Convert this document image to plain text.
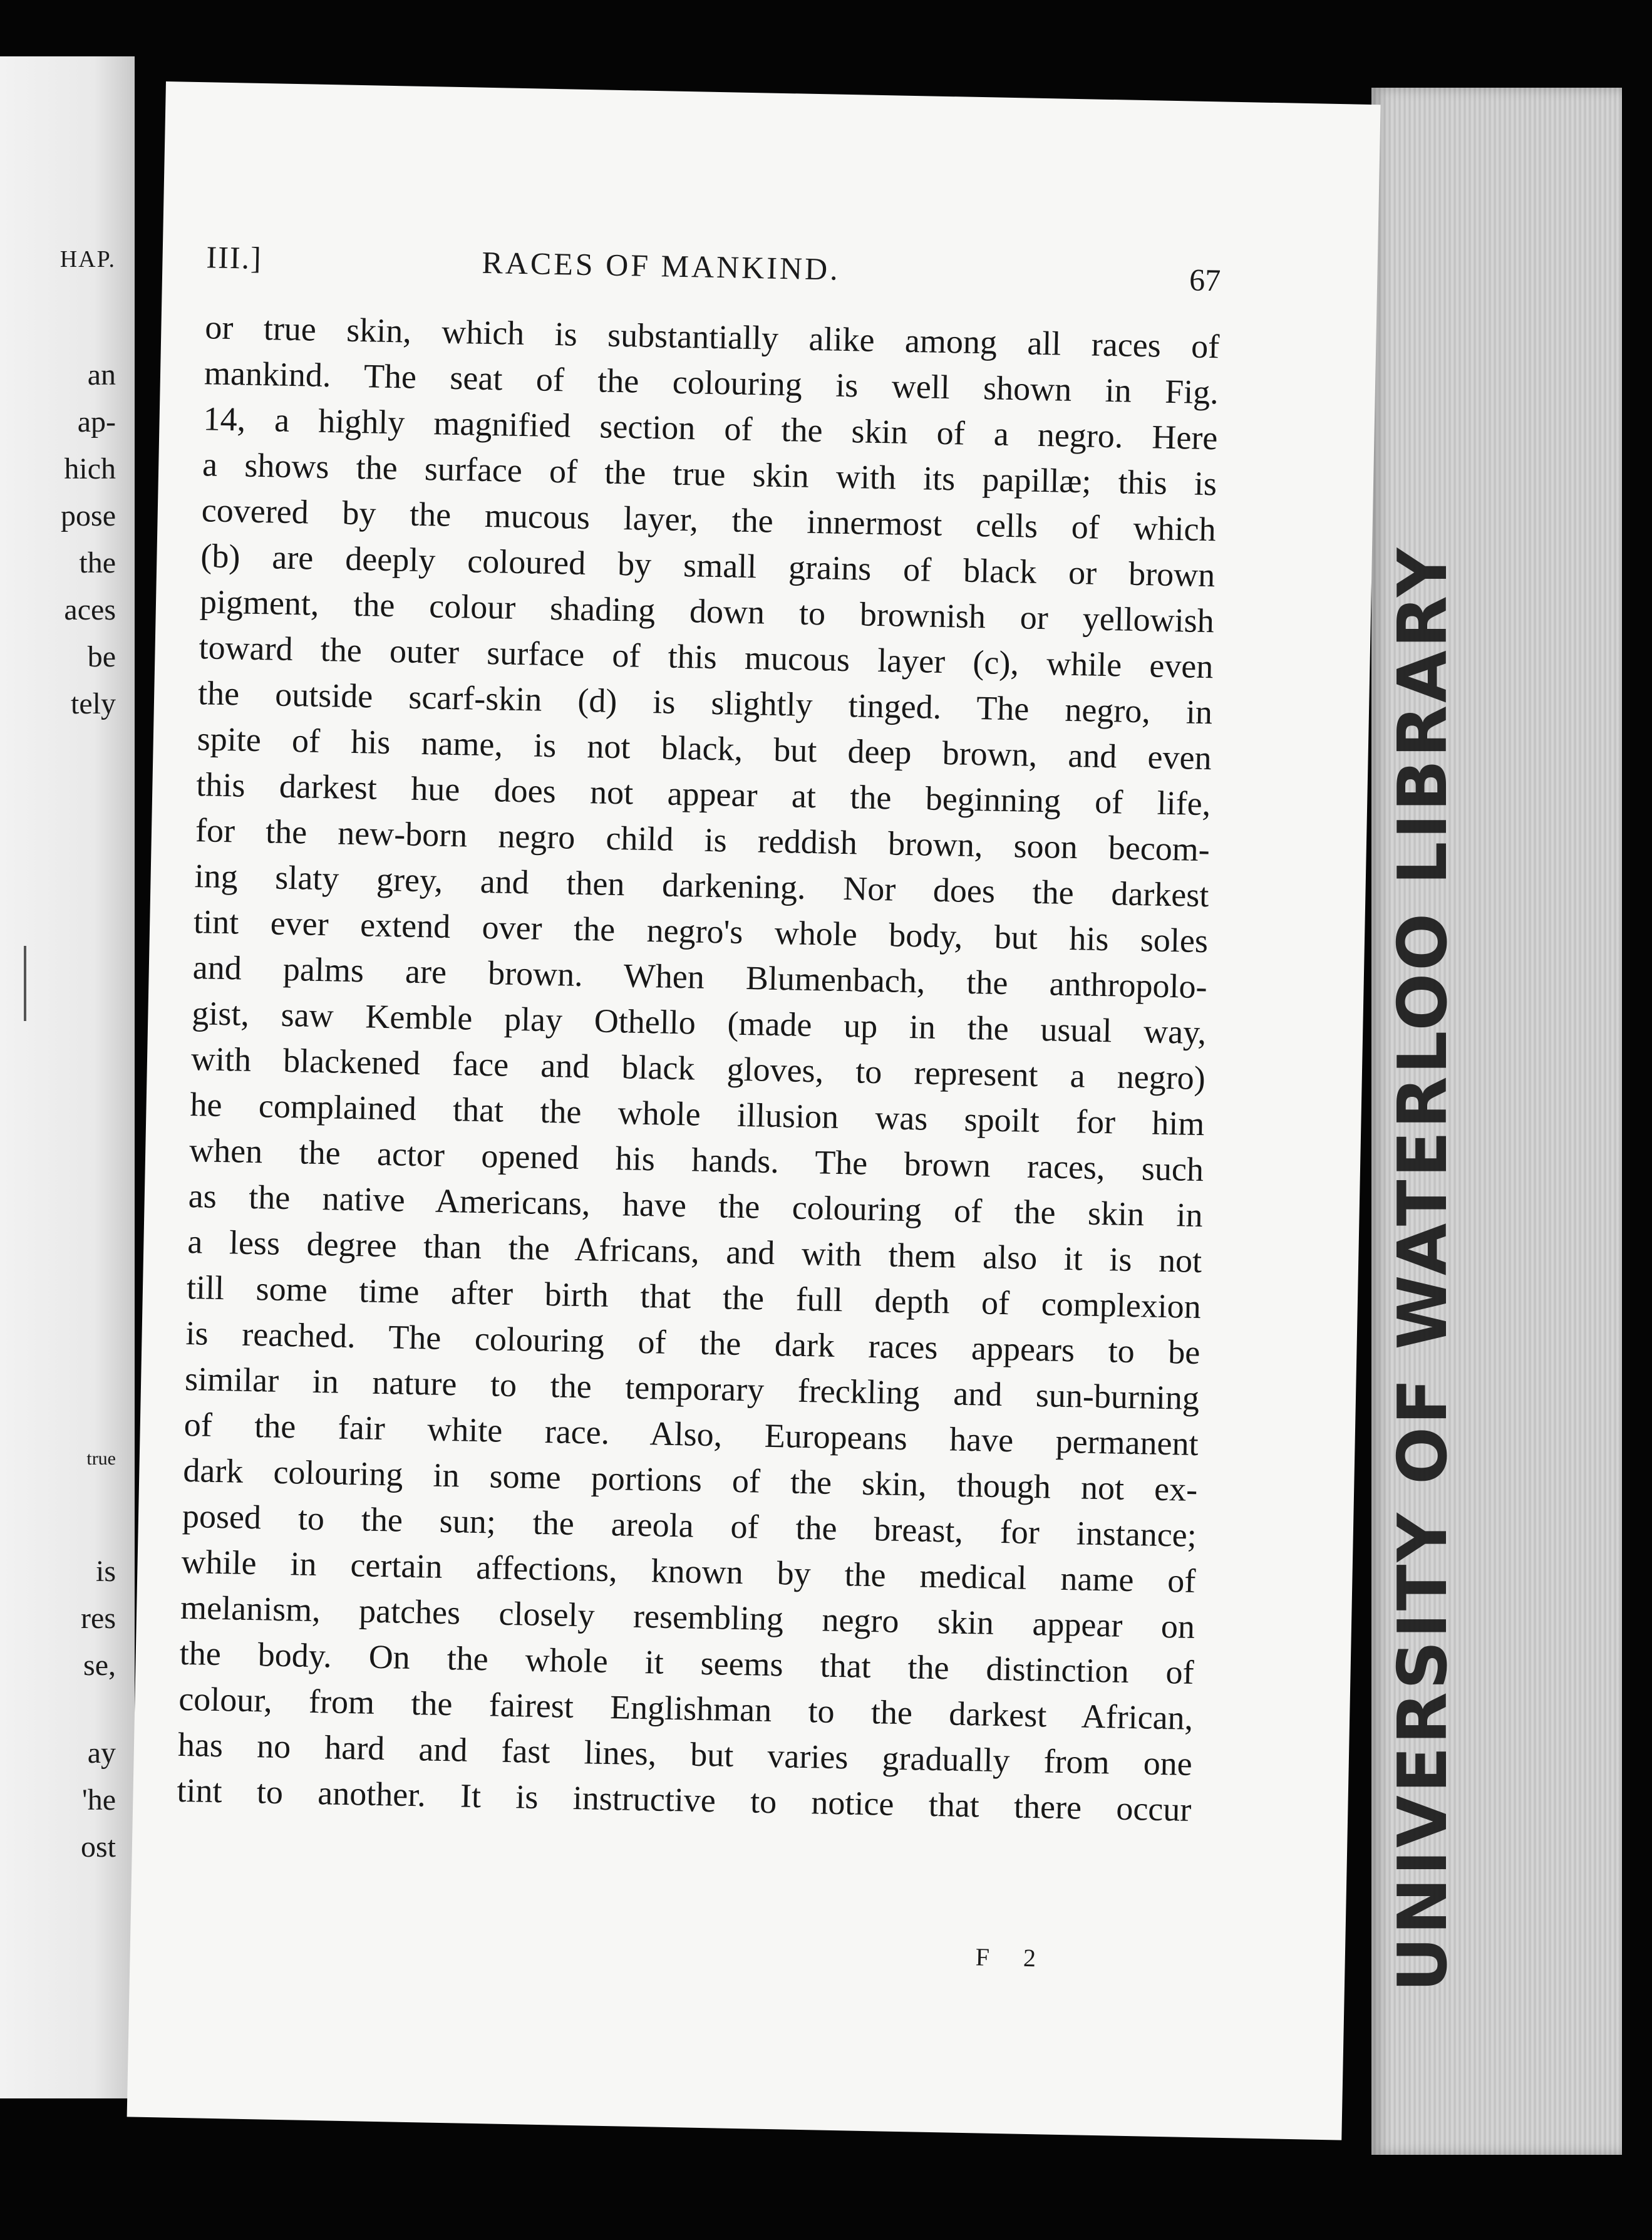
HAP.
an
ap-
hich
pose
the
aces
be
tely
true
is
res
se,
ay
'he
ost	UNIVERSITY OF WATERLOO LIBRARY
III.]	RACES OF MANKIND.	67
or true skin, which is substantially alike among all races of
mankind. The seat of the colouring is well shown in Fig.
14, a highly magnified section of the skin of a negro. Here
a shows the surface of the true skin with its papillæ; this is
covered by the mucous layer, the innermost cells of which
(b) are deeply coloured by small grains of black or brown
pigment, the colour shading down to brownish or yellowish
toward the outer surface of this mucous layer (c), while even
the outside scarf-skin (d) is slightly tinged. The negro, in
spite of his name, is not black, but deep brown, and even
this darkest hue does not appear at the beginning of life,
for the new-born negro child is reddish brown, soon becom-
ing slaty grey, and then darkening. Nor does the darkest
tint ever extend over the negro's whole body, but his soles
and palms are brown. When Blumenbach, the anthropolo-
gist, saw Kemble play Othello (made up in the usual way,
with blackened face and black gloves, to represent a negro)
he complained that the whole illusion was spoilt for him
when the actor opened his hands. The brown races, such
as the native Americans, have the colouring of the skin in
a less degree than the Africans, and with them also it is not
till some time after birth that the full depth of complexion
is reached. The colouring of the dark races appears to be
similar in nature to the temporary freckling and sun-burning
of the fair white race. Also, Europeans have permanent
dark colouring in some portions of the skin, though not ex-
posed to the sun; the areola of the breast, for instance;
while in certain affections, known by the medical name of
melanism, patches closely resembling negro skin appear on
the body. On the whole it seems that the distinction of
colour, from the fairest Englishman to the darkest African,
has no hard and fast lines, but varies gradually from one
tint to another. It is instructive to notice that there occur
F 2
